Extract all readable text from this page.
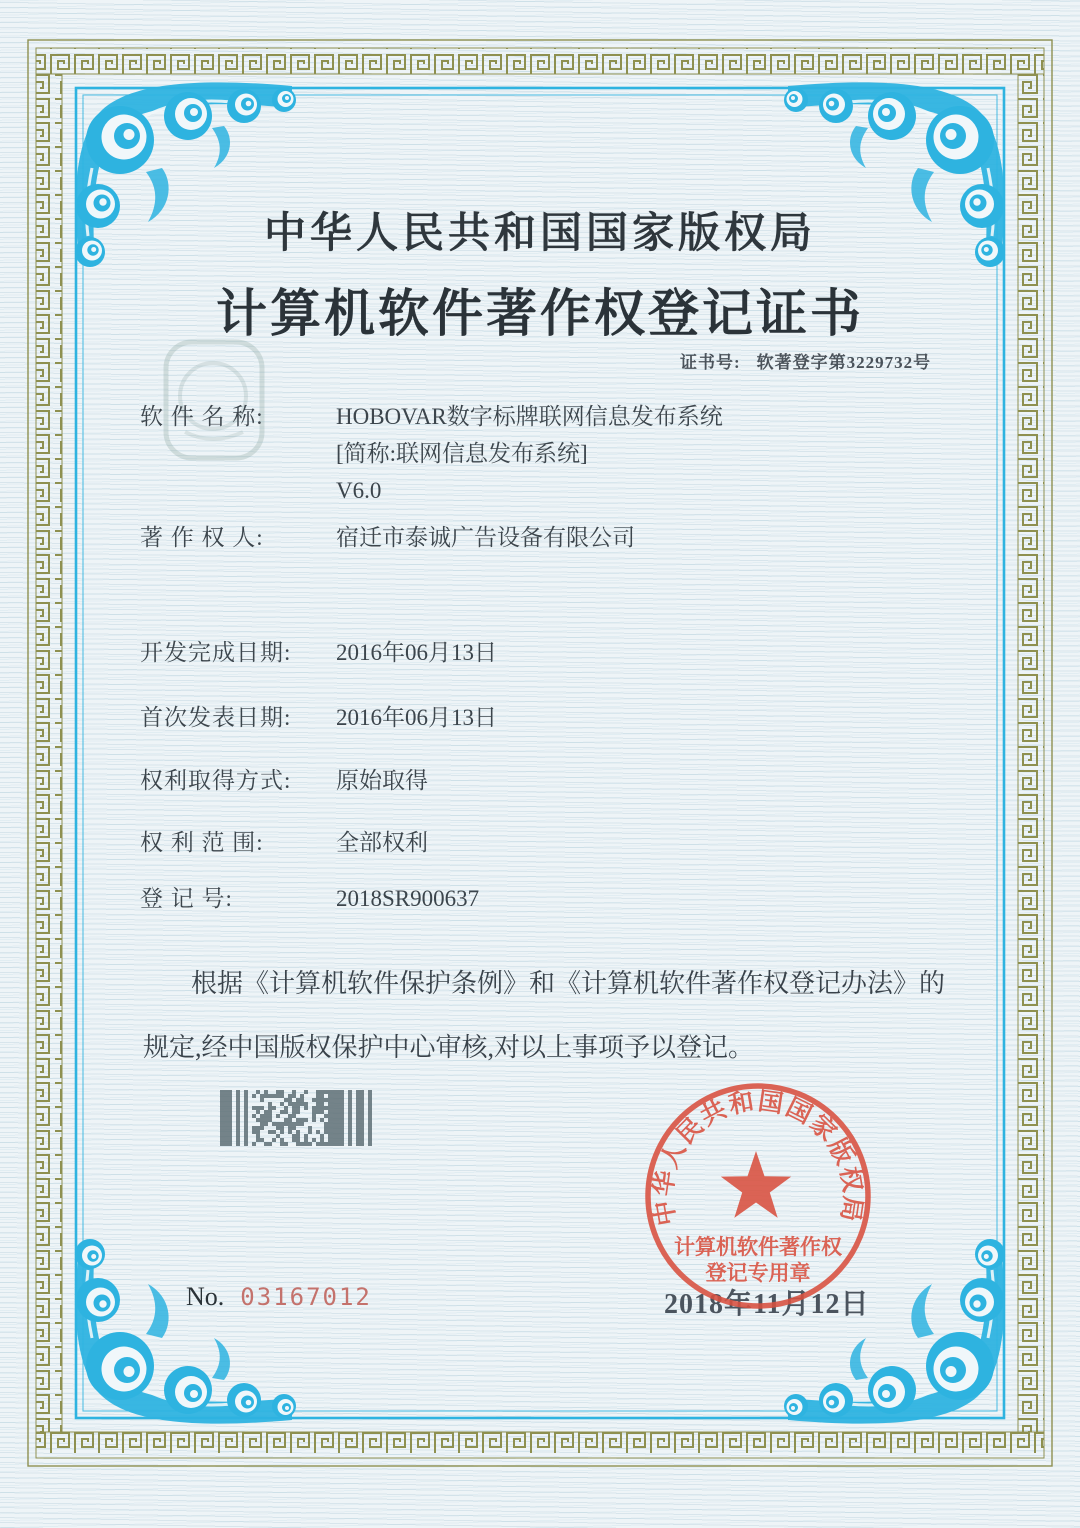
中华人民共和国国家版权局
计算机软件著作权登记证书
证书号: 软著登字第3229732号
软 件 名 称:	HOBOVAR数字标牌联网信息发布系统
[简称:联网信息发布系统]
V6.0
著 作 权 人:	宿迁市泰诚广告设备有限公司
开发完成日期: 2016年06月13日
首次发表日期: 2016年06月13日
权利取得方式: 原始取得
权 利 范 围:	全部权利
登 记 号:	2018SR900637
根据《计算机软件保护条例》和《计算机软件著作权登记办法》的
规定,经中国版权保护中心审核,对以上事项予以登记。
2018年11月12日
No. 03167012
中华人民共和国国家版权局
计算机软件著作权
登记专用章
